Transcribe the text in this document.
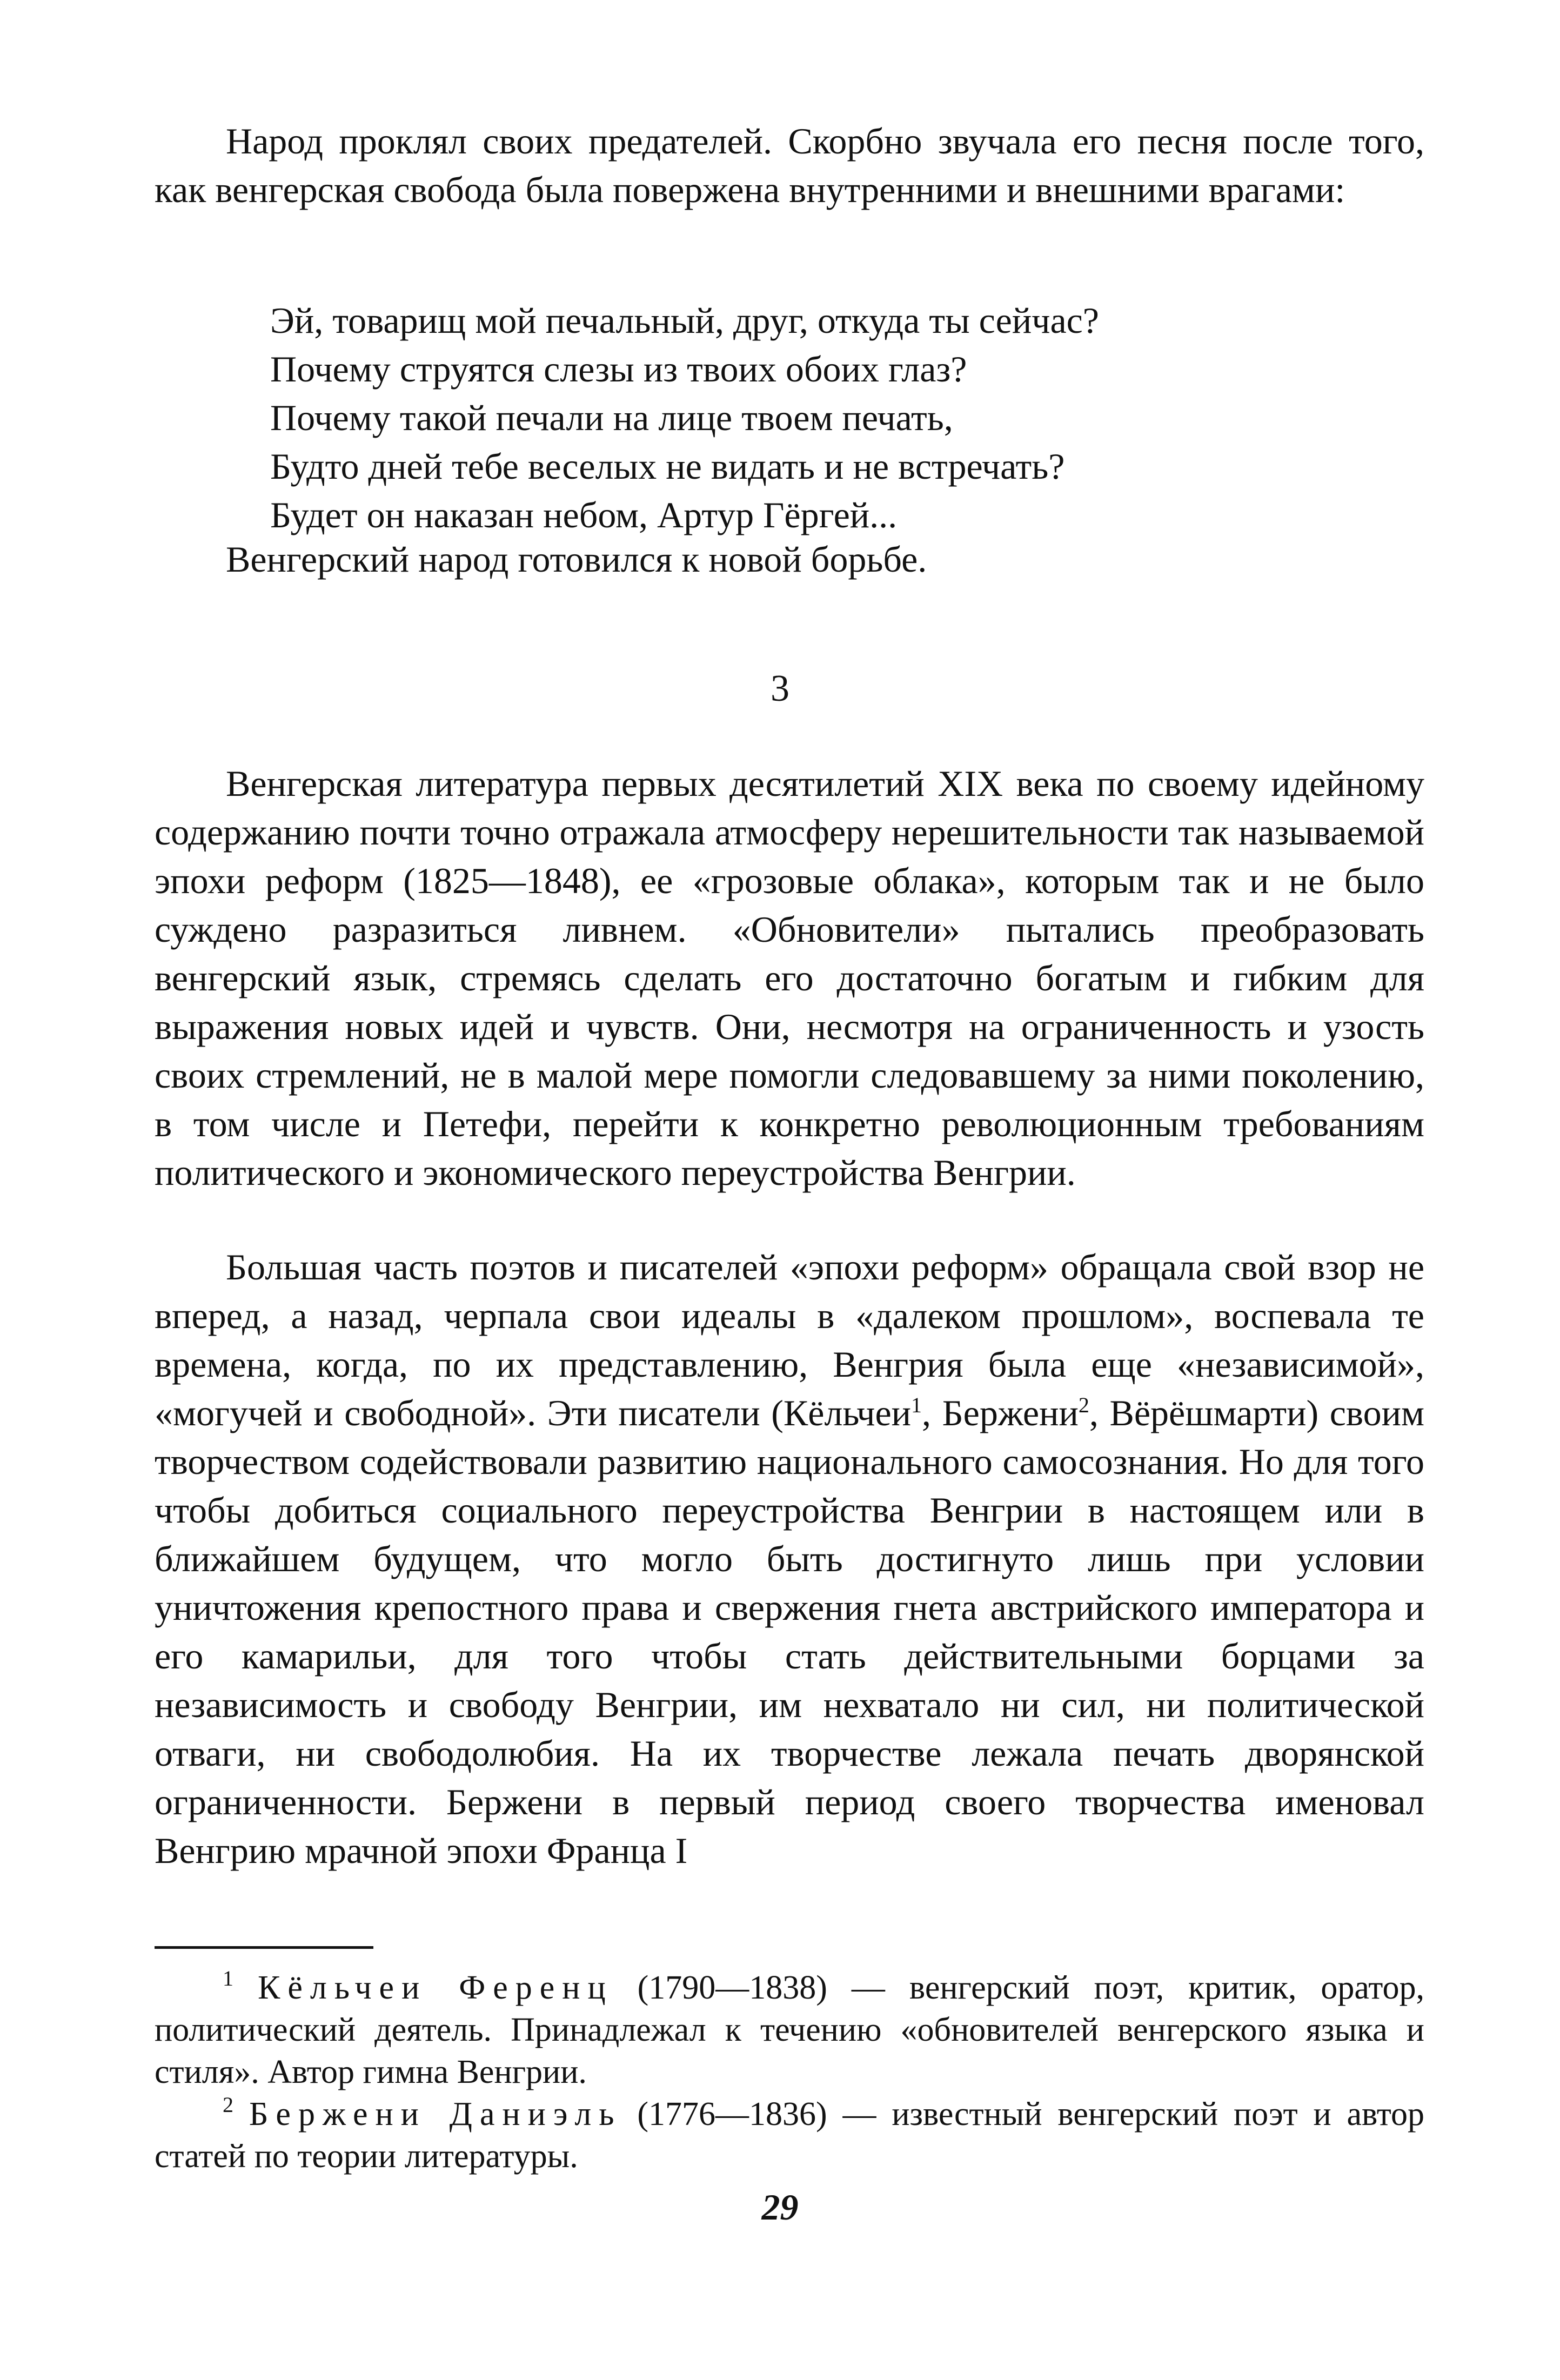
Народ проклял своих предателей. Скорбно звучала его песня после того, как венгерская свобода была повержена внутренними и внешними врагами:

Эй, товарищ мой печальный, друг, откуда ты сейчас?

Почему струятся слезы из твоих обоих глаз?

Почему такой печали на лице твоем печать,

Будто дней тебе веселых не видать и не встречать?

Будет он наказан небом, Артур Гёргей...

Венгерский народ готовился к новой борьбе.

3

Венгерская литература первых десятилетий XIX века по своему идейному содержанию почти точно отражала атмосферу нерешительности так называемой эпохи реформ (1825—1848), ее «грозовые облака», которым так и не было суждено разразиться ливнем. «Обновители» пытались преобразовать венгерский язык, стремясь сделать его достаточно богатым и гибким для выражения новых идей и чувств. Они, несмотря на ограниченность и узость своих стремлений, не в малой мере помогли следовавшему за ними поколению, в том числе и Петефи, перейти к конкретно революционным требованиям политического и экономического переустройства Венгрии.

Большая часть поэтов и писателей «эпохи реформ» обращала свой взор не вперед, а назад, черпала свои идеалы в «далеком прошлом», воспевала те времена, когда, по их представлению, Венгрия была еще «независимой», «могучей и свободной». Эти писатели (Кёльчеи$^1$, Бержени$^2$, Вёрёшмарти) своим творчеством содействовали развитию национального самосознания. Но для того чтобы добиться социального переустройства Венгрии в настоящем или в ближайшем будущем, что могло быть достигнуто лишь при условии уничтожения крепостного права и свержения гнета австрийского императора и его камарильи, для того чтобы стать действительными борцами за независимость и свободу Венгрии, им нехватало ни сил, ни политической отваги, ни свободолюбия. На их творчестве лежала печать дворянской ограниченности. Бержени в первый период своего творчества именовал Венгрию мрачной эпохи Франца I

$^1$ Кёльчеи Ференц (1790—1838) — венгерский поэт, критик, оратор, политический деятель. Принадлежал к течению «обновителей венгерского языка и стиля». Автор гимна Венгрии.

$^2$ Бержени Даниэль (1776—1836) — известный венгерский поэт и автор статей по теории литературы.

29
